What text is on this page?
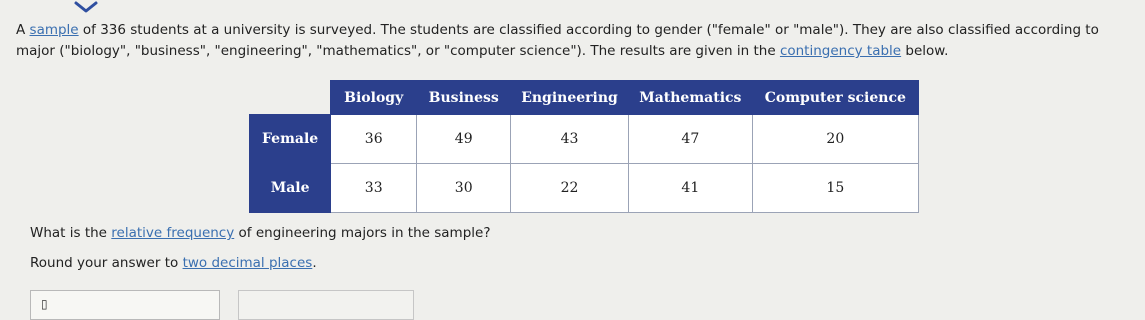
A sample of 336 students at a university is surveyed. The students are classified according to gender ("female" or "male"). They are also classified according to major ("biology", "business", "engineering", "mathematics", or "computer science"). The results are given in the contingency table below.

	Biology	Business	Engineering	Mathematics	Computer science
Female	36	49	43	47	20
Male	33	30	22	41	15
What is the relative frequency of engineering majors in the sample?
Round your answer to two decimal places.
▯
